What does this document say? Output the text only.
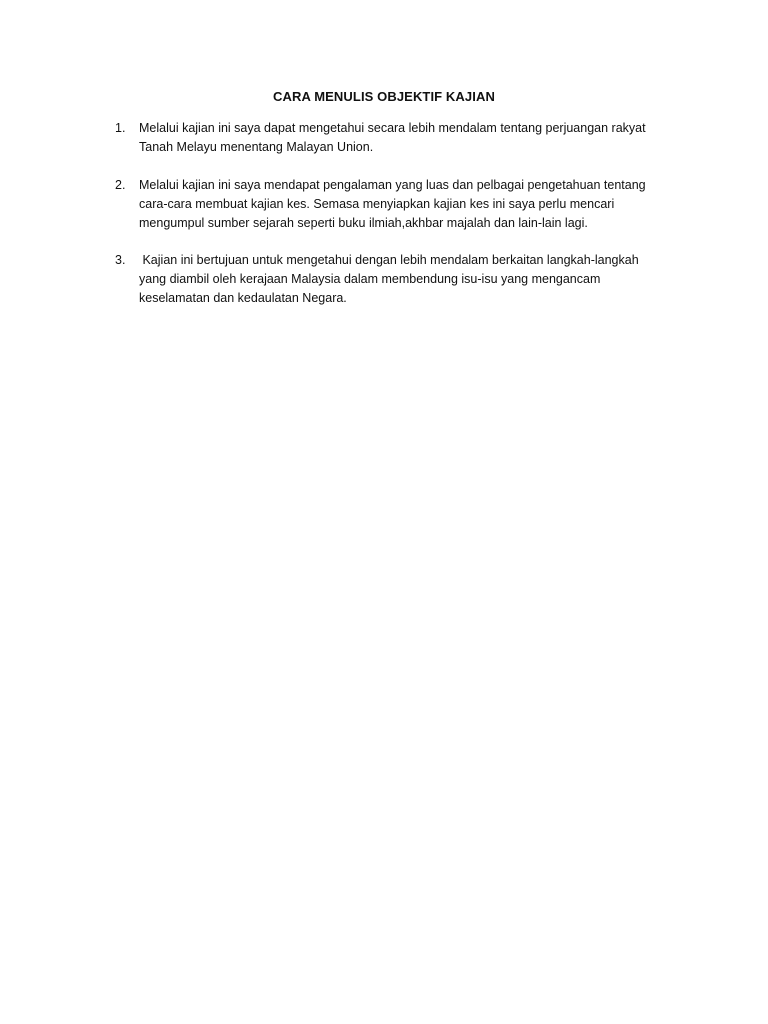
CARA MENULIS OBJEKTIF KAJIAN
1.	Melalui kajian ini saya dapat mengetahui secara lebih mendalam tentang perjuangan rakyat
Tanah Melayu menentang Malayan Union.
2.	Melalui kajian ini saya mendapat pengalaman yang luas dan pelbagai pengetahuan tentang
cara-cara membuat kajian kes. Semasa menyiapkan kajian kes ini saya perlu mencari
mengumpul sumber sejarah seperti buku ilmiah,akhbar majalah dan lain-lain lagi.
3.	Kajian ini bertujuan untuk mengetahui dengan lebih mendalam berkaitan langkah-langkah
yang diambil oleh kerajaan Malaysia dalam membendung isu-isu yang mengancam
keselamatan dan kedaulatan Negara.
